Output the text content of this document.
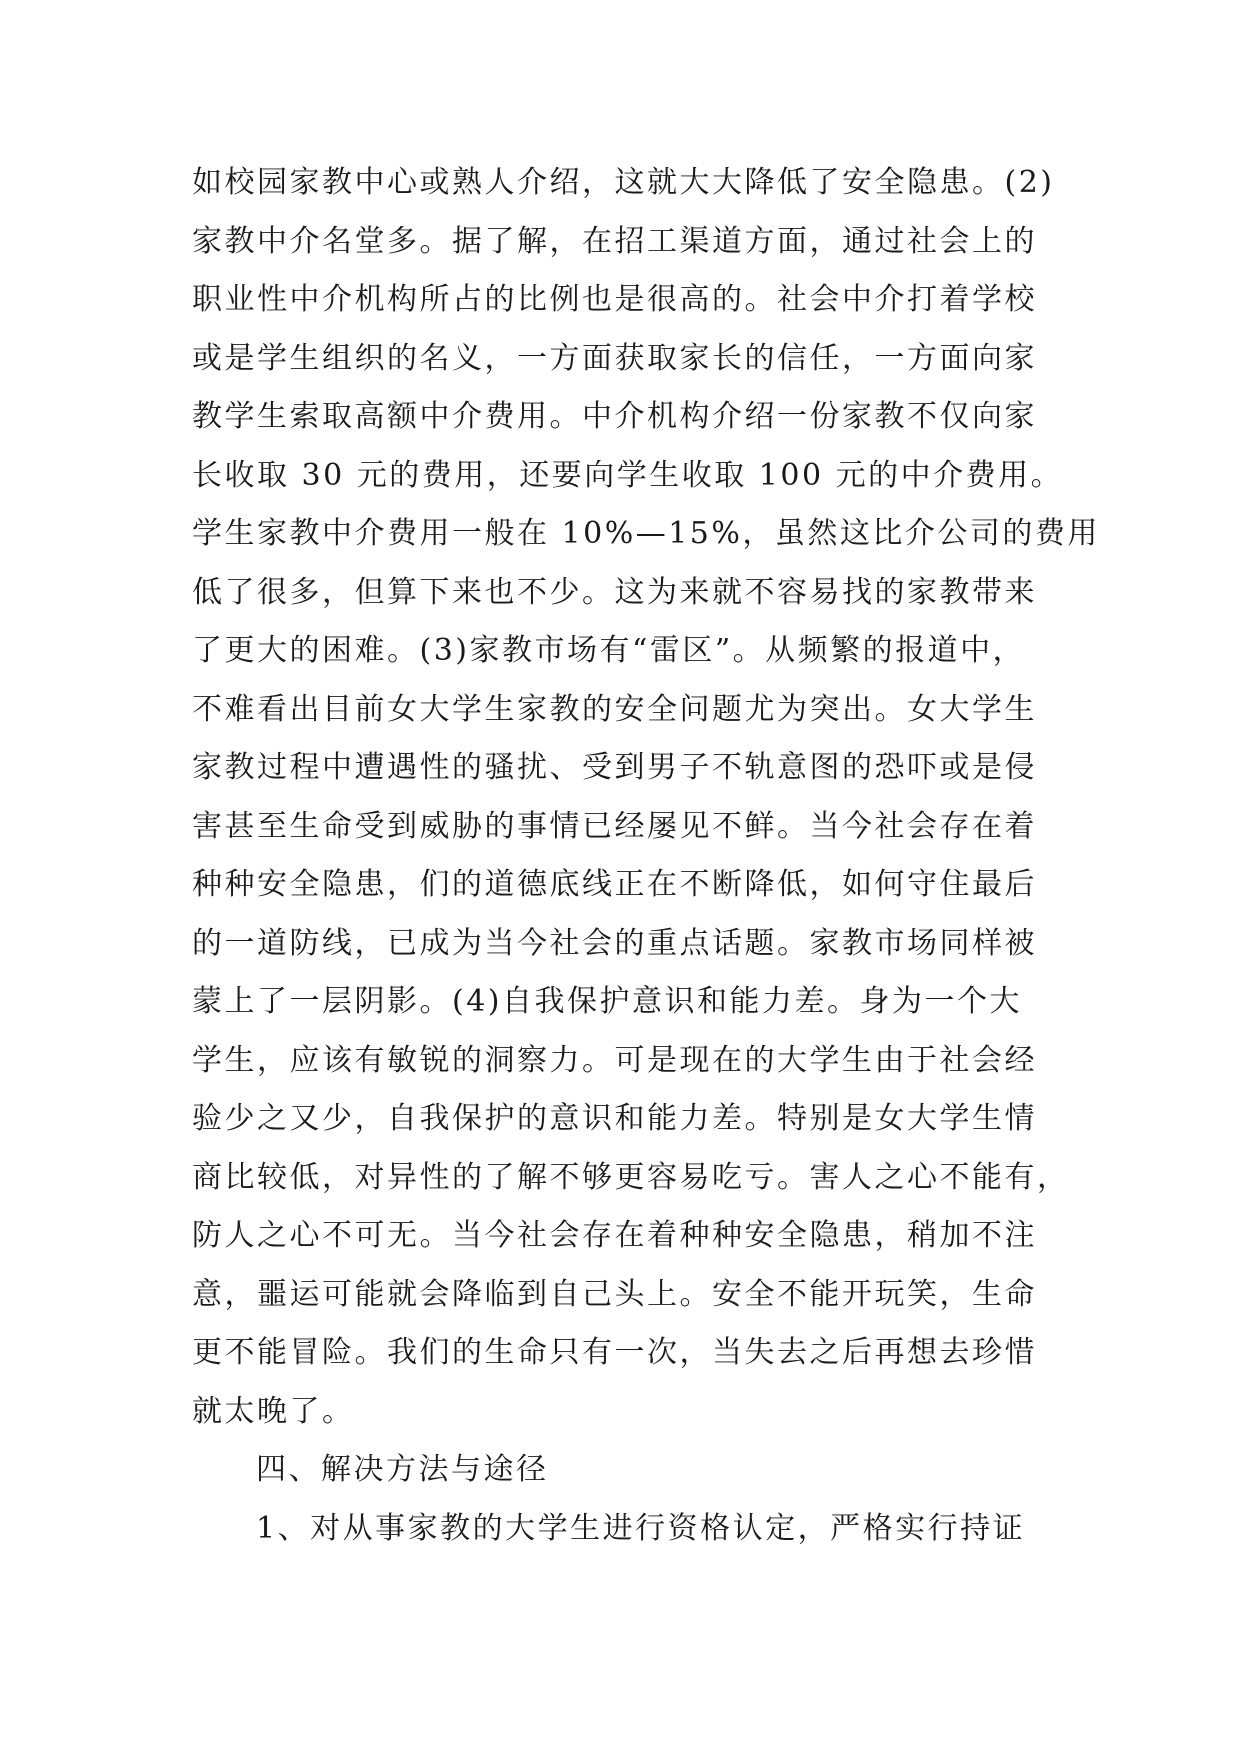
如校园家教中心或熟人介绍，这就大大降低了安全隐患。(2)
家教中介名堂多。据了解，在招工渠道方面，通过社会上的
职业性中介机构所占的比例也是很高的。社会中介打着学校
或是学生组织的名义，一方面获取家长的信任，一方面向家
教学生索取高额中介费用。中介机构介绍一份家教不仅向家
长收取 30 元的费用，还要向学生收取 100 元的中介费用。
学生家教中介费用一般在 10%—15%，虽然这比介公司的费用
低了很多，但算下来也不少。这为来就不容易找的家教带来
了更大的困难。(3)家教市场有“雷区”。从频繁的报道中，
不难看出目前女大学生家教的安全问题尤为突出。女大学生
家教过程中遭遇性的骚扰、受到男子不轨意图的恐吓或是侵
害甚至生命受到威胁的事情已经屡见不鲜。当今社会存在着
种种安全隐患，们的道德底线正在不断降低，如何守住最后
的一道防线，已成为当今社会的重点话题。家教市场同样被
蒙上了一层阴影。(4)自我保护意识和能力差。身为一个大
学生，应该有敏锐的洞察力。可是现在的大学生由于社会经
验少之又少，自我保护的意识和能力差。特别是女大学生情
商比较低，对异性的了解不够更容易吃亏。害人之心不能有，
防人之心不可无。当今社会存在着种种安全隐患，稍加不注
意，噩运可能就会降临到自己头上。安全不能开玩笑，生命
更不能冒险。我们的生命只有一次，当失去之后再想去珍惜
就太晚了。
四、解决方法与途径
1、对从事家教的大学生进行资格认定，严格实行持证
